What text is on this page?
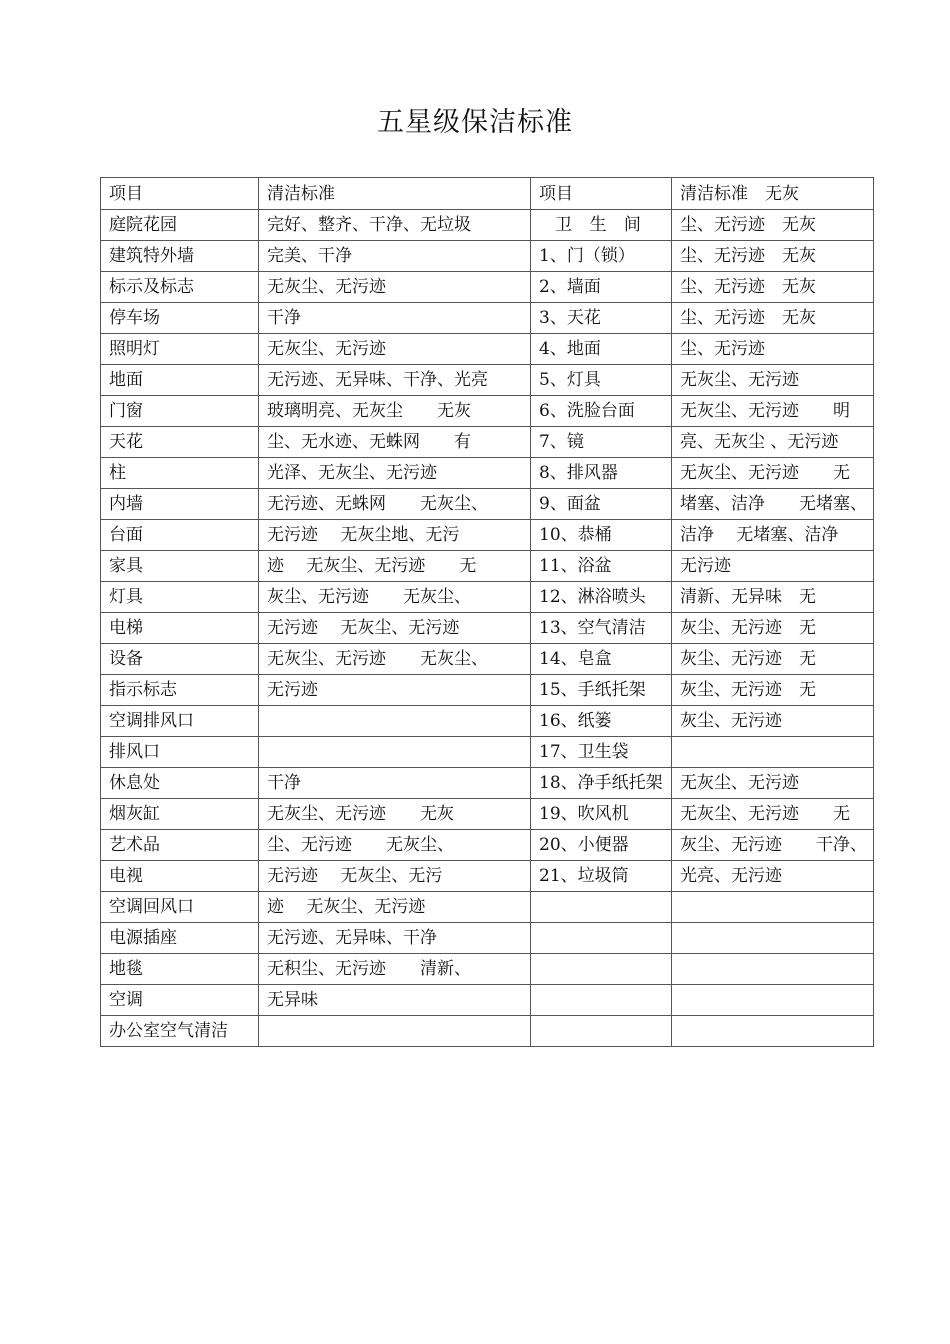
五星级保洁标准
项目	清洁标准	项目	清洁标准　无灰
庭院花园	完好、整齐、干净、无垃圾	卫 生 间	尘、无污迹　无灰
建筑特外墙	完美、干净	1、门（锁）	尘、无污迹　无灰
标示及标志	无灰尘、无污迹	2、墙面	尘、无污迹　无灰
停车场	干净	3、天花	尘、无污迹　无灰
照明灯	无灰尘、无污迹	4、地面	尘、无污迹
地面	无污迹、无异味、干净、光亮	5、灯具	无灰尘、无污迹
门窗	玻璃明亮、无灰尘　　无灰	6、洗脸台面	无灰尘、无污迹　　明
天花	尘、无水迹、无蛛网　　有	7、镜	亮、无灰尘 、无污迹
柱	光泽、无灰尘、无污迹	8、排风器	无灰尘、无污迹　　无
内墙	无污迹、无蛛网　　无灰尘、	9、面盆	堵塞、洁净　　无堵塞、
台面	无污迹　 无灰尘地、无污	10、恭桶	洁净　 无堵塞、洁净
家具	迹　 无灰尘、无污迹　　无	11、浴盆	无污迹
灯具	灰尘、无污迹　　无灰尘、	12、淋浴喷头	清新、无异味　无
电梯	无污迹　 无灰尘、无污迹	13、空气清洁	灰尘、无污迹　无
设备	无灰尘、无污迹　　无灰尘、	14、皂盒	灰尘、无污迹　无
指示标志	无污迹	15、手纸托架	灰尘、无污迹　无
空调排风口		16、纸篓	灰尘、无污迹
排风口		17、卫生袋	
休息处	干净	18、净手纸托架	无灰尘、无污迹
烟灰缸	无灰尘、无污迹　　无灰	19、吹风机	无灰尘、无污迹　　无
艺术品	尘、无污迹　　无灰尘、	20、小便器	灰尘、无污迹　　干净、
电视	无污迹　 无灰尘、无污	21、垃圾筒	光亮、无污迹
空调回风口	迹　 无灰尘、无污迹		
电源插座	无污迹、无异味、干净		
地毯	无积尘、无污迹　　清新、		
空调	无异味		
办公室空气清洁			
